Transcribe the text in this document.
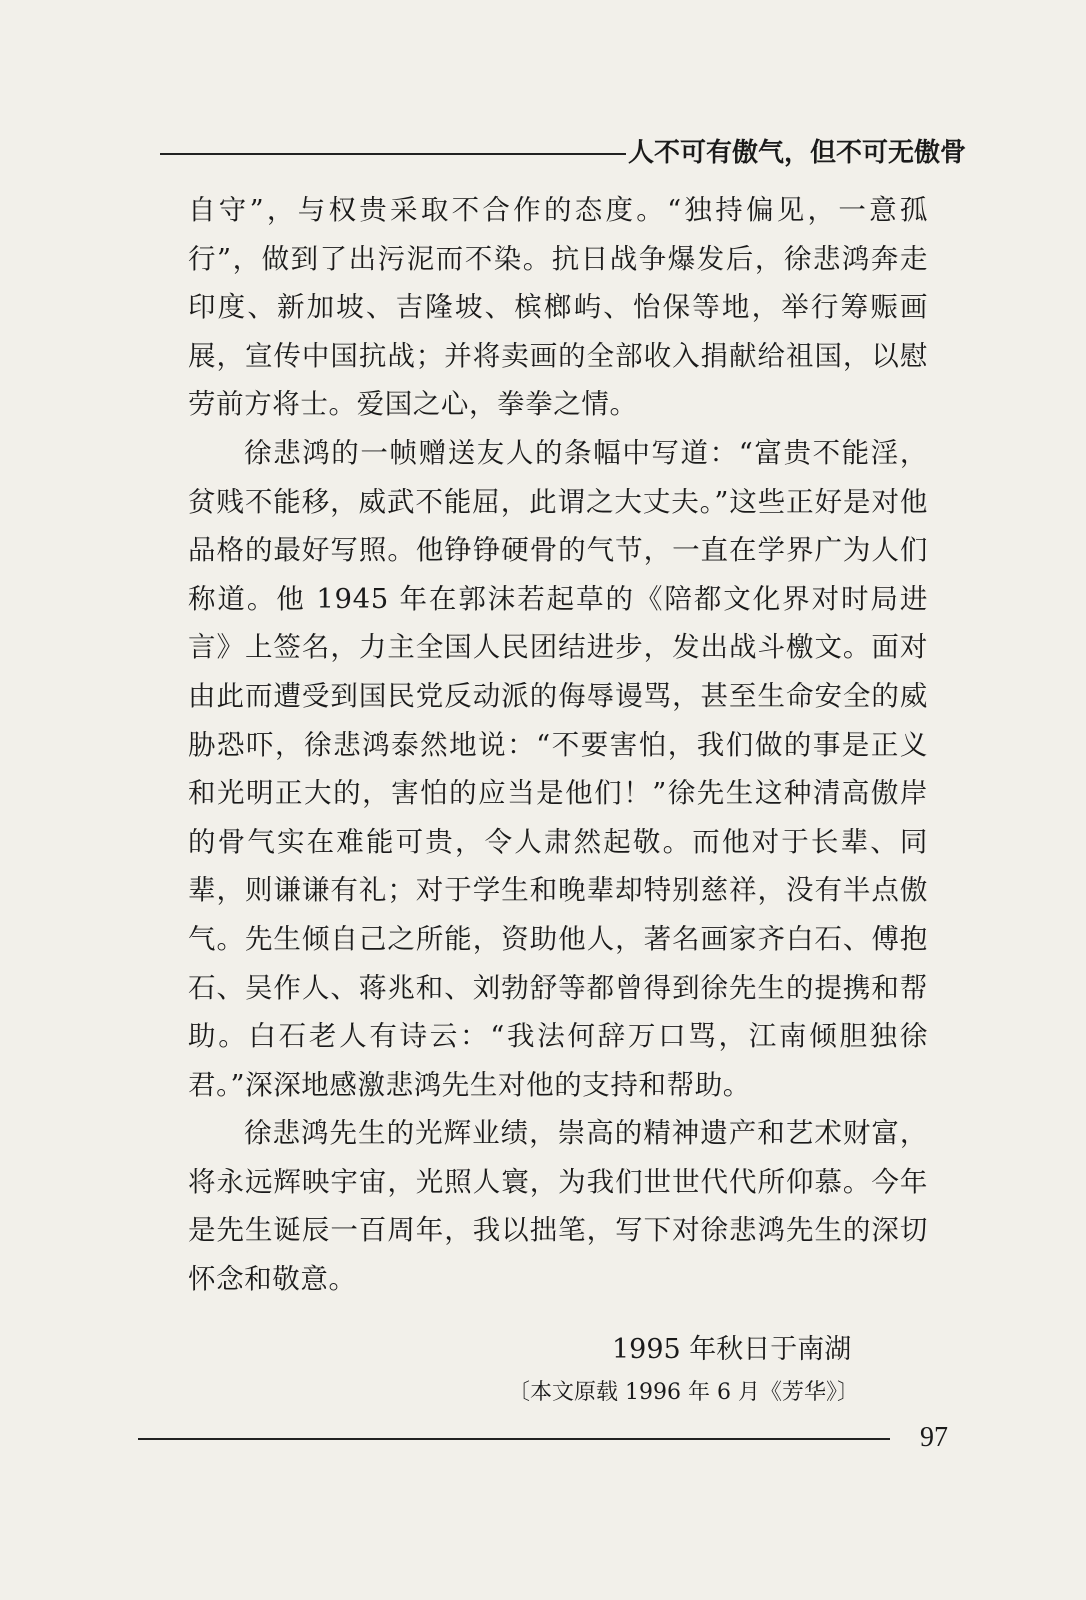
人不可有傲气，但不可无傲骨

自守”，与权贵采取不合作的态度。“独持偏见，一意孤行”，做到了出污泥而不染。抗日战争爆发后，徐悲鸿奔走印度、新加坡、吉隆坡、槟榔屿、怡保等地，举行筹赈画展，宣传中国抗战；并将卖画的全部收入捐献给祖国，以慰劳前方将士。爱国之心，拳拳之情。

徐悲鸿的一帧赠送友人的条幅中写道：“富贵不能淫，贫贱不能移，威武不能屈，此谓之大丈夫。”这些正好是对他品格的最好写照。他铮铮硬骨的气节，一直在学界广为人们称道。他 1945 年在郭沫若起草的《陪都文化界对时局进言》上签名，力主全国人民团结进步，发出战斗檄文。面对由此而遭受到国民党反动派的侮辱谩骂，甚至生命安全的威胁恐吓，徐悲鸿泰然地说：“不要害怕，我们做的事是正义和光明正大的，害怕的应当是他们！”徐先生这种清高傲岸的骨气实在难能可贵，令人肃然起敬。而他对于长辈、同辈，则谦谦有礼；对于学生和晚辈却特别慈祥，没有半点傲气。先生倾自己之所能，资助他人，著名画家齐白石、傅抱石、吴作人、蒋兆和、刘勃舒等都曾得到徐先生的提携和帮助。白石老人有诗云：“我法何辞万口骂，江南倾胆独徐君。”深深地感激悲鸿先生对他的支持和帮助。

徐悲鸿先生的光辉业绩，崇高的精神遗产和艺术财富，将永远辉映宇宙，光照人寰，为我们世世代代所仰慕。今年是先生诞辰一百周年，我以拙笔，写下对徐悲鸿先生的深切怀念和敬意。

1995 年秋日于南湖
〔本文原载 1996 年 6 月《芳华》〕
97
